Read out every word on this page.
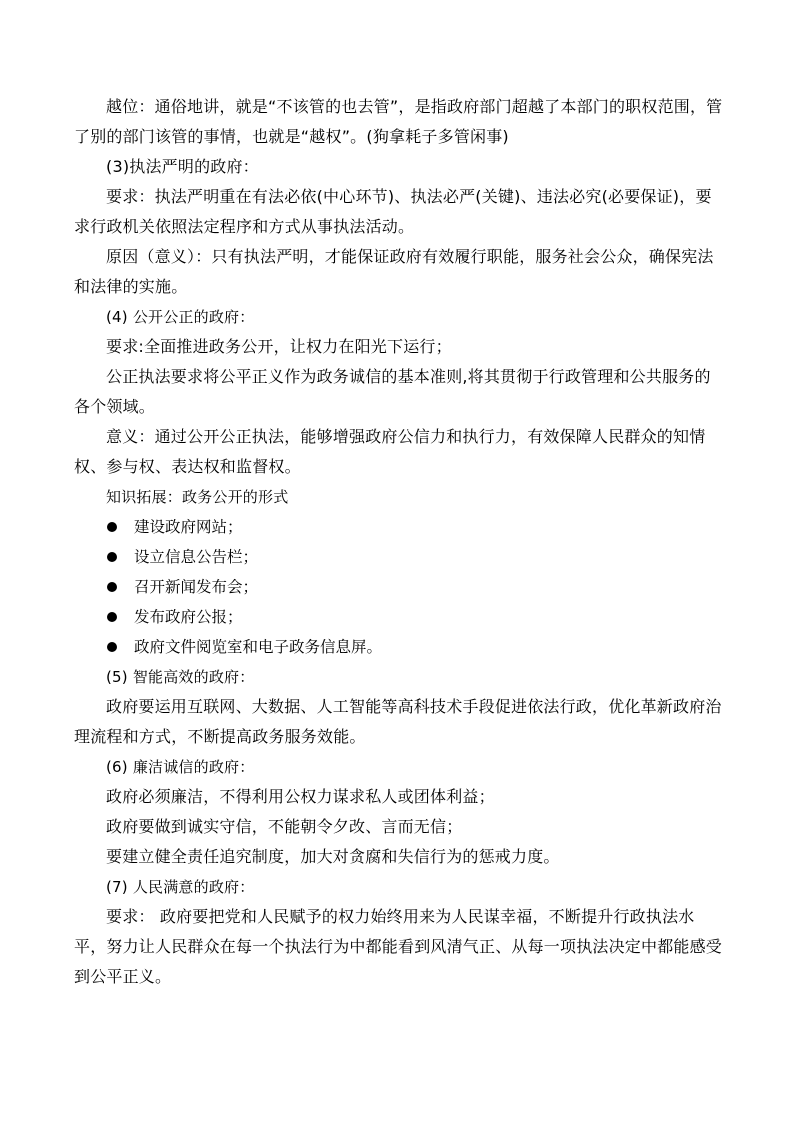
越位：通俗地讲，就是“不该管的也去管”，是指政府部门超越了本部门的职权范围，管了别的部门该管的事情，也就是“越权”。(狗拿耗子多管闲事)

(3)执法严明的政府：

要求：执法严明重在有法必依(中心环节)、执法必严(关键)、违法必究(必要保证)，要求行政机关依照法定程序和方式从事执法活动。

原因（意义）：只有执法严明，才能保证政府有效履行职能，服务社会公众，确保宪法和法律的实施。

(4) 公开公正的政府：

要求:全面推进政务公开，让权力在阳光下运行；

公正执法要求将公平正义作为政务诚信的基本准则,将其贯彻于行政管理和公共服务的各个领域。

意义：通过公开公正执法，能够增强政府公信力和执行力，有效保障人民群众的知情权、参与权、表达权和监督权。

知识拓展：政务公开的形式

建设政府网站；
设立信息公告栏；
召开新闻发布会；
发布政府公报；
政府文件阅览室和电子政务信息屏。

(5) 智能高效的政府：

政府要运用互联网、大数据、人工智能等高科技术手段促进依法行政，优化革新政府治理流程和方式，不断提高政务服务效能。

(6) 廉洁诚信的政府：

政府必须廉洁，不得利用公权力谋求私人或团体利益；

政府要做到诚实守信，不能朝令夕改、言而无信；

要建立健全责任追究制度，加大对贪腐和失信行为的惩戒力度。

(7) 人民满意的政府：

要求： 政府要把党和人民赋予的权力始终用来为人民谋幸福，不断提升行政执法水平，努力让人民群众在每一个执法行为中都能看到风清气正、从每一项执法决定中都能感受到公平正义。
